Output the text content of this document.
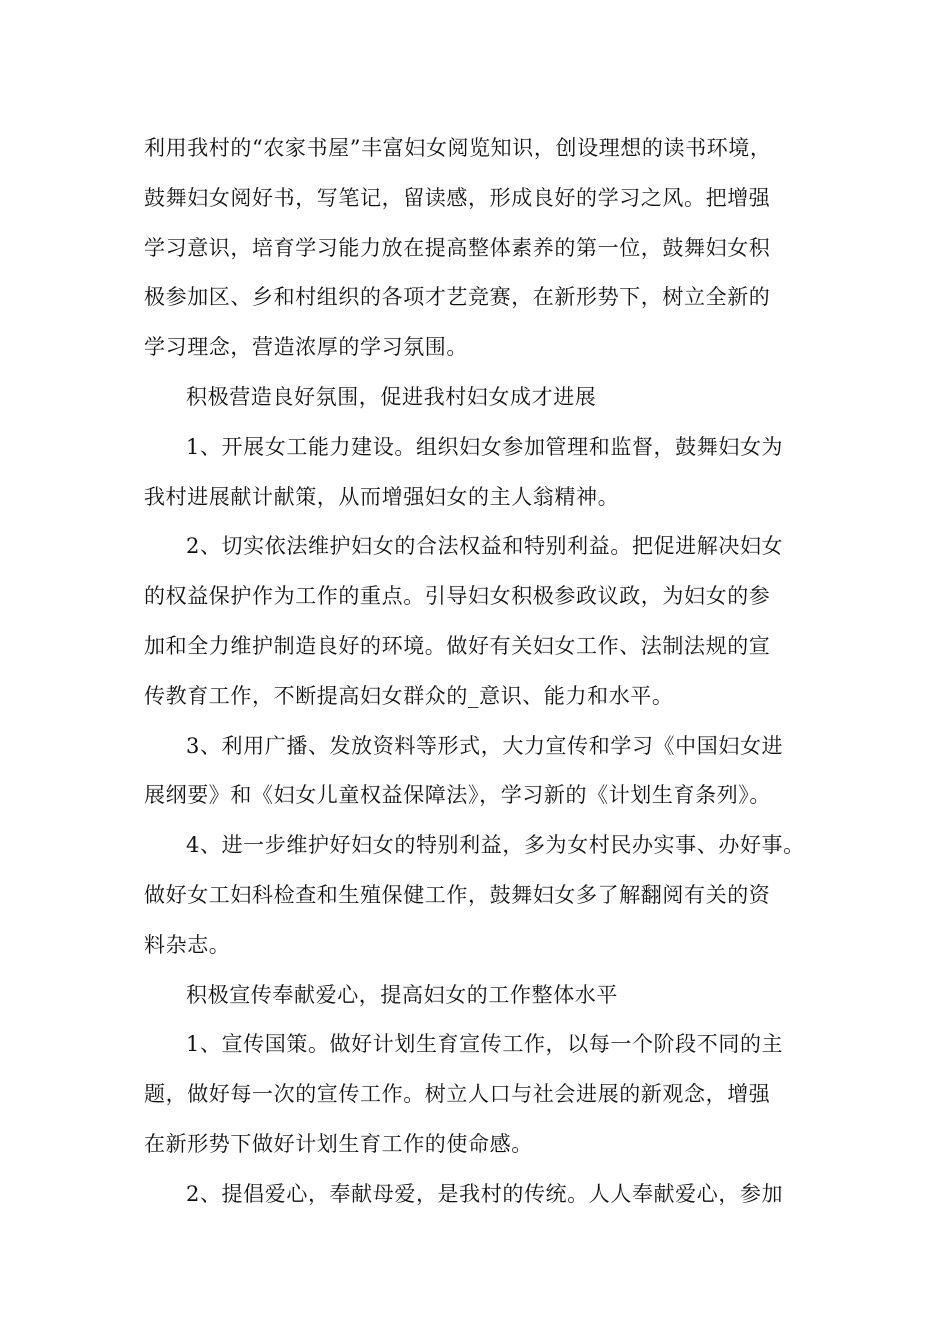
利用我村的“农家书屋”丰富妇女阅览知识，创设理想的读书环境，
鼓舞妇女阅好书，写笔记，留读感，形成良好的学习之风。把增强
学习意识，培育学习能力放在提高整体素养的第一位，鼓舞妇女积
极参加区、乡和村组织的各项才艺竞赛，在新形势下，树立全新的
学习理念，营造浓厚的学习氛围。

积极营造良好氛围，促进我村妇女成才进展

1、开展女工能力建设。组织妇女参加管理和监督，鼓舞妇女为
我村进展献计献策，从而增强妇女的主人翁精神。

2、切实依法维护妇女的合法权益和特别利益。把促进解决妇女
的权益保护作为工作的重点。引导妇女积极参政议政，为妇女的参
加和全力维护制造良好的环境。做好有关妇女工作、法制法规的宣
传教育工作，不断提高妇女群众的_意识、能力和水平。

3、利用广播、发放资料等形式，大力宣传和学习《中国妇女进
展纲要》和《妇女儿童权益保障法》，学习新的《计划生育条列》。

4、进一步维护好妇女的特别利益，多为女村民办实事、办好事。
做好女工妇科检查和生殖保健工作，鼓舞妇女多了解翻阅有关的资
料杂志。

积极宣传奉献爱心，提高妇女的工作整体水平

1、宣传国策。做好计划生育宣传工作，以每一个阶段不同的主
题，做好每一次的宣传工作。树立人口与社会进展的新观念，增强
在新形势下做好计划生育工作的使命感。

2、提倡爱心，奉献母爱，是我村的传统。人人奉献爱心，参加
